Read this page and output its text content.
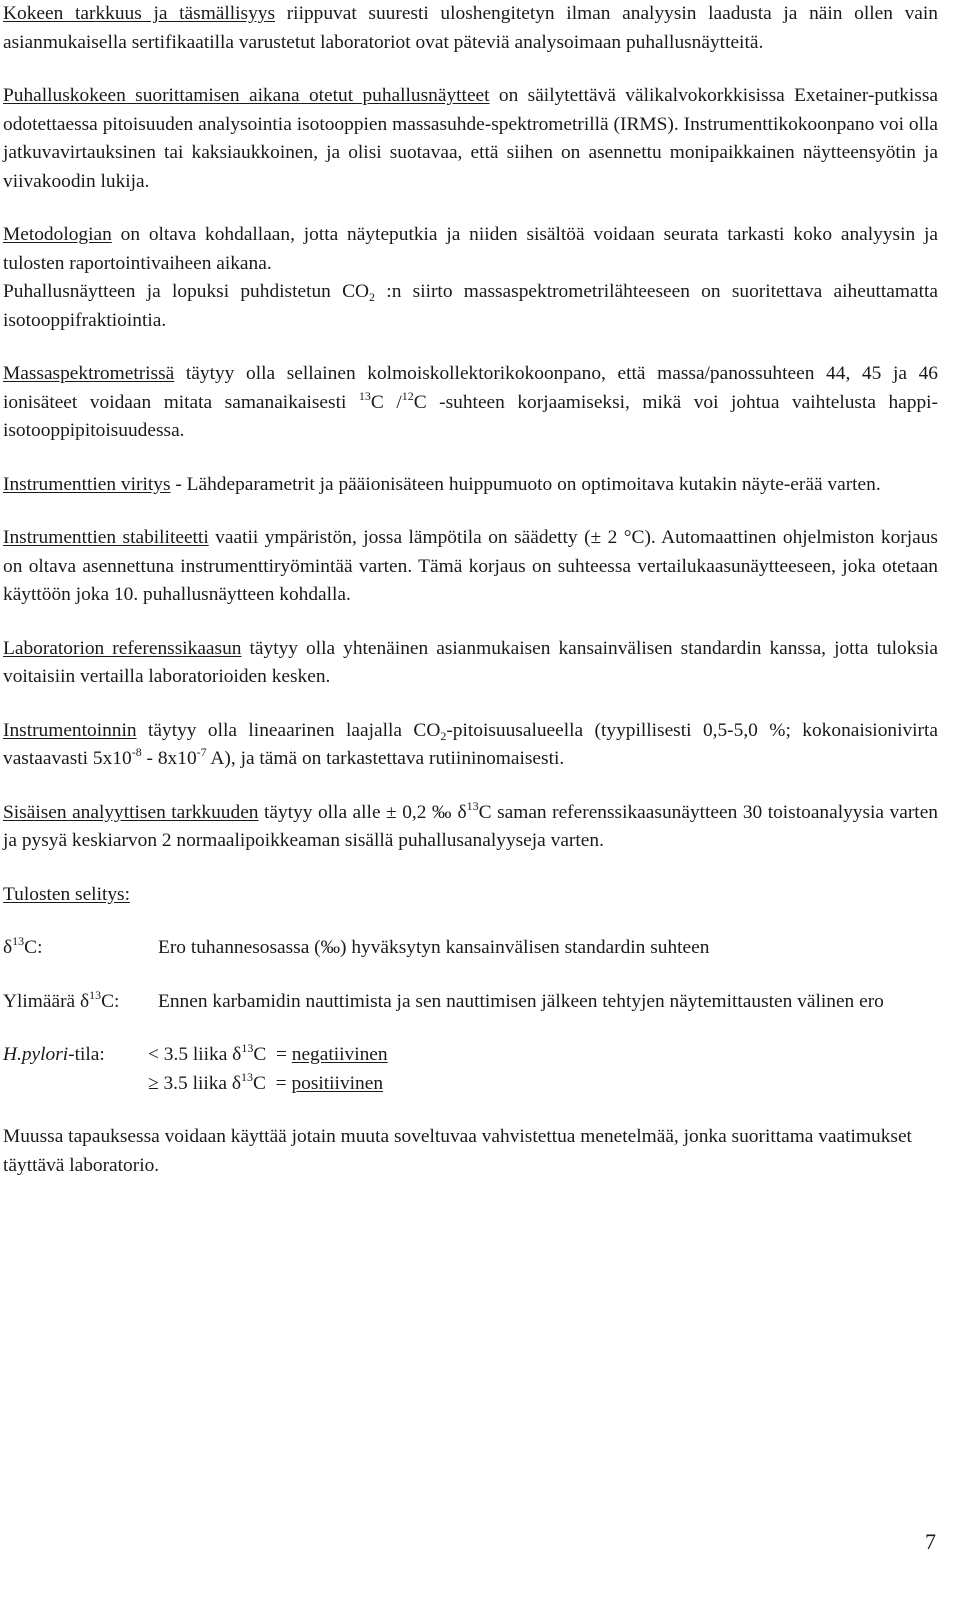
Kokeen tarkkuus ja täsmällisyys riippuvat suuresti uloshengitetyn ilman analyysin laadusta ja näin ollen vain asianmukaisella sertifikaatilla varustetut laboratoriot ovat päteviä analysoimaan puhallusnäytteitä.

Puhalluskokeen suorittamisen aikana otetut puhallusnäytteet on säilytettävä välikalvokorkkisissa Exetainer-putkissa odotettaessa pitoisuuden analysointia isotooppien massasuhde-spektrometrillä (IRMS). Instrumenttikokoonpano voi olla jatkuvavirtauksinen tai kaksiaukkoinen, ja olisi suotavaa, että siihen on asennettu monipaikkainen näytteensyötin ja viivakoodin lukija.

Metodologian on oltava kohdallaan, jotta näyteputkia ja niiden sisältöä voidaan seurata tarkasti koko analyysin ja tulosten raportointivaiheen aikana.

Puhallusnäytteen ja lopuksi puhdistetun $CO_2$ :n siirto massaspektrometrilähteeseen on suoritettava aiheuttamatta isotooppifraktiointia.

Massaspektrometrissä täytyy olla sellainen kolmoiskollektorikokoonpano, että massa/panossuhteen 44, 45 ja 46 ionisäteet voidaan mitata samanaikaisesti $^{13}$C /$^{12}$C -suhteen korjaamiseksi, mikä voi johtua vaihtelusta happi-isotooppipitoisuudessa.

Instrumenttien viritys - Lähdeparametrit ja pääionisäteen huippumuoto on optimoitava kutakin näyte-erää varten.

Instrumenttien stabiliteetti vaatii ympäristön, jossa lämpötila on säädetty (± 2 °C). Automaattinen ohjelmiston korjaus on oltava asennettuna instrumenttiryömintää varten. Tämä korjaus on suhteessa vertailukaasunäytteeseen, joka otetaan käyttöön joka 10. puhallusnäytteen kohdalla.

Laboratorion referenssikaasun täytyy olla yhtenäinen asianmukaisen kansainvälisen standardin kanssa, jotta tuloksia voitaisiin vertailla laboratorioiden kesken.

Instrumentoinnin täytyy olla lineaarinen laajalla $CO_2$-pitoisuusalueella (tyypillisesti 0,5-5,0 %; kokonaisionivirta vastaavasti $5x10^{-8} - 8x10^{-7}$ A), ja tämä on tarkastettava rutiininomaisesti.

Sisäisen analyyttisen tarkkuuden täytyy olla alle ± 0,2 ‰ $\delta^{13}C$ saman referenssikaasunäytteen 30 toistoanalyysia varten ja pysyä keskiarvon 2 normaalipoikkeaman sisällä puhallusanalyyseja varten.

Tulosten selitys:

$\delta^{13}C$:	Ero tuhannesosassa (‰) hyväksytyn kansainvälisen standardin suhteen
Ylimäärä $\delta^{13}C$:	Ennen karbamidin nauttimista ja sen nauttimisen jälkeen tehtyjen näytemittausten välinen ero
H.pylori-tila:	< 3.5 liika $\delta^{13}C$  = negatiivinen
≥ 3.5 liika $\delta^{13}C$  = positiivinen

Muussa tapauksessa voidaan käyttää jotain muuta soveltuvaa vahvistettua menetelmää, jonka suorittama vaatimukset täyttävä laboratorio.

7
